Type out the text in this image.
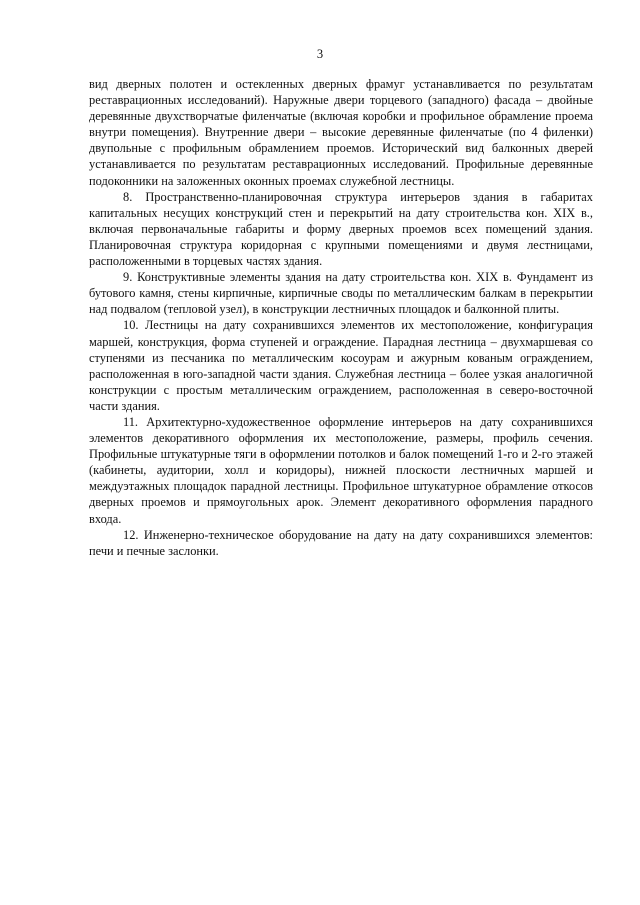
3

вид дверных полотен и остекленных дверных фрамуг устанавливается по результатам реставрационных исследований). Наружные двери торцевого (западного) фасада – двойные деревянные двухстворчатые филенчатые (включая коробки и профильное обрамление проема внутри помещения). Внутренние двери – высокие деревянные филенчатые (по 4 филенки) двупольные с профильным обрамлением проемов. Исторический вид балконных дверей устанавливается по результатам реставрационных исследований. Профильные деревянные подоконники на заложенных оконных проемах служебной лестницы.

8. Пространственно-планировочная структура интерьеров здания в габаритах капитальных несущих конструкций стен и перекрытий на дату строительства кон. XIX в., включая первоначальные габариты и форму дверных проемов всех помещений здания. Планировочная структура коридорная с крупными помещениями и двумя лестницами, расположенными в торцевых частях здания.

9. Конструктивные элементы здания на дату строительства кон. XIX в. Фундамент из бутового камня, стены кирпичные, кирпичные своды по металлическим балкам в перекрытии над подвалом (тепловой узел), в конструкции лестничных площадок и балконной плиты.

10. Лестницы на дату сохранившихся элементов их местоположение, конфигурация маршей, конструкция, форма ступеней и ограждение. Парадная лестница – двухмаршевая со ступенями из песчаника по металлическим косоурам и ажурным кованым ограждением, расположенная в юго-западной части здания. Служебная лестница – более узкая аналогичной конструкции с простым металлическим ограждением, расположенная в северо-восточной части здания.

11. Архитектурно-художественное оформление интерьеров на дату сохранившихся элементов декоративного оформления их местоположение, размеры, профиль сечения. Профильные штукатурные тяги в оформлении потолков и балок помещений 1-го и 2-го этажей (кабинеты, аудитории, холл и коридоры), нижней плоскости лестничных маршей и междуэтажных площадок парадной лестницы. Профильное штукатурное обрамление откосов дверных проемов и прямоугольных арок. Элемент декоративного оформления парадного входа.

12. Инженерно-техническое оборудование на дату на дату сохранившихся элементов: печи и печные заслонки.
